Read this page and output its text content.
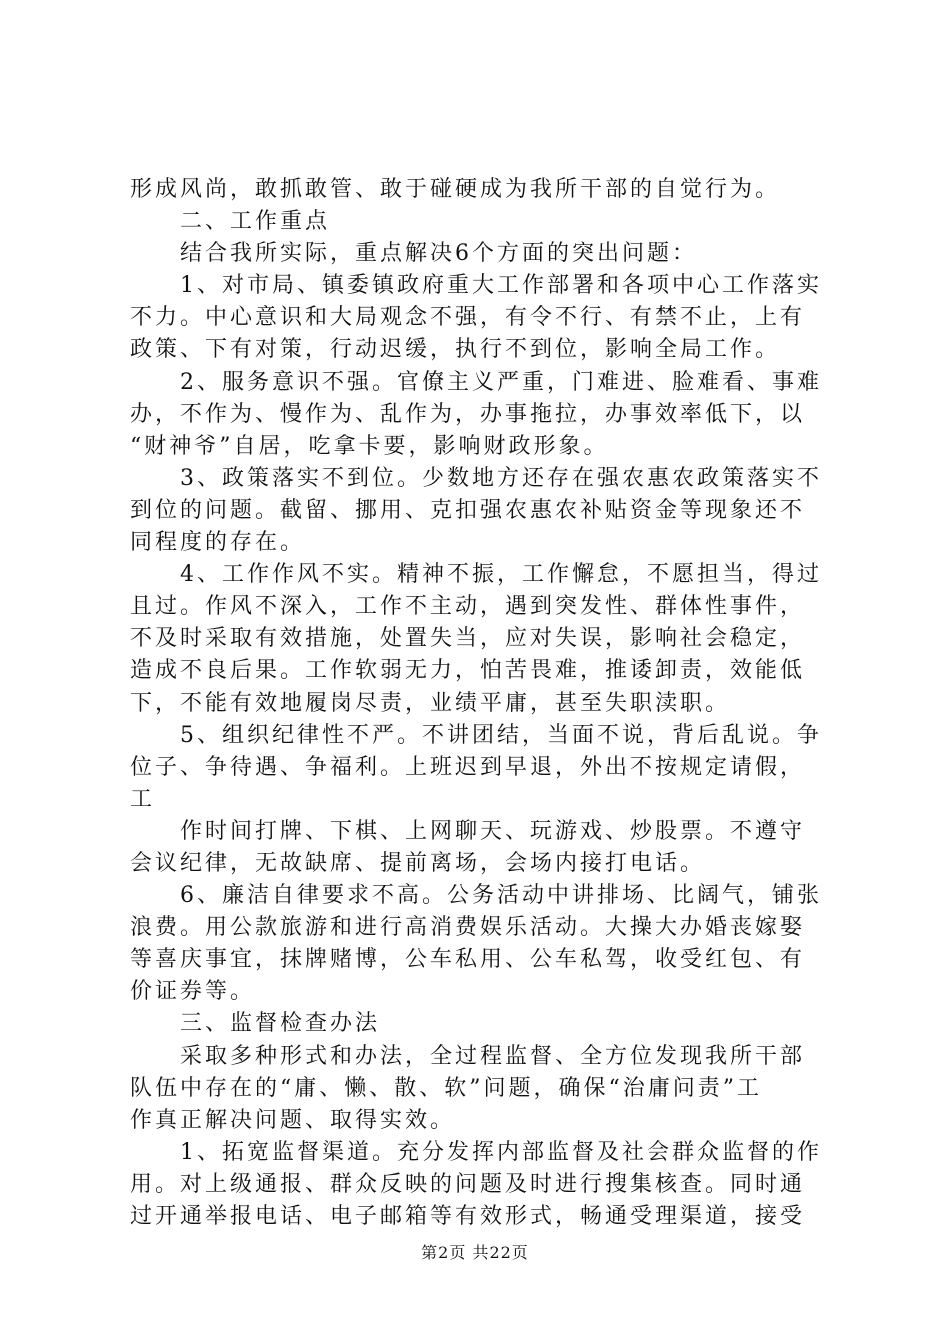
形成风尚，敢抓敢管、敢于碰硬成为我所干部的自觉行为。
　　二、工作重点
　　结合我所实际，重点解决6个方面的突出问题：
　　1、对市局、镇委镇政府重大工作部署和各项中心工作落实
不力。中心意识和大局观念不强，有令不行、有禁不止，上有
政策、下有对策，行动迟缓，执行不到位，影响全局工作。
　　2、服务意识不强。官僚主义严重，门难进、脸难看、事难
办，不作为、慢作为、乱作为，办事拖拉，办事效率低下，以
“财神爷”自居，吃拿卡要，影响财政形象。
　　3、政策落实不到位。少数地方还存在强农惠农政策落实不
到位的问题。截留、挪用、克扣强农惠农补贴资金等现象还不
同程度的存在。
　　4、工作作风不实。精神不振，工作懈怠，不愿担当，得过
且过。作风不深入，工作不主动，遇到突发性、群体性事件，
不及时采取有效措施，处置失当，应对失误，影响社会稳定，
造成不良后果。工作软弱无力，怕苦畏难，推诿卸责，效能低
下，不能有效地履岗尽责，业绩平庸，甚至失职渎职。
　　5、组织纪律性不严。不讲团结，当面不说，背后乱说。争
位子、争待遇、争福利。上班迟到早退，外出不按规定请假，
工
　　作时间打牌、下棋、上网聊天、玩游戏、炒股票。不遵守
会议纪律，无故缺席、提前离场，会场内接打电话。
　　6、廉洁自律要求不高。公务活动中讲排场、比阔气，铺张
浪费。用公款旅游和进行高消费娱乐活动。大操大办婚丧嫁娶
等喜庆事宜，抹牌赌博，公车私用、公车私驾，收受红包、有
价证券等。
　　三、监督检查办法
　　采取多种形式和办法，全过程监督、全方位发现我所干部
队伍中存在的“庸、懒、散、软”问题，确保“治庸问责”工
作真正解决问题、取得实效。
　　1、拓宽监督渠道。充分发挥内部监督及社会群众监督的作
用。对上级通报、群众反映的问题及时进行搜集核查。同时通
过开通举报电话、电子邮箱等有效形式，畅通受理渠道，接受
第2页 共22页
